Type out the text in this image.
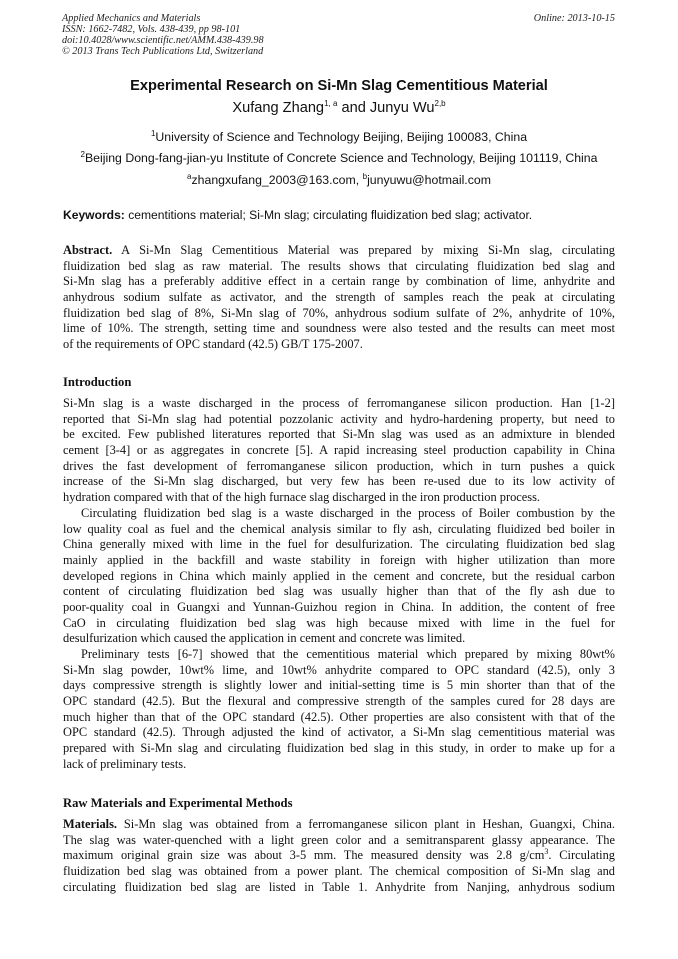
Applied Mechanics and Materials
ISSN: 1662-7482, Vols. 438-439, pp 98-101
doi:10.4028/www.scientific.net/AMM.438-439.98
© 2013 Trans Tech Publications Ltd, Switzerland
Online: 2013-10-15
Experimental Research on Si-Mn Slag Cementitious Material
Xufang Zhang$^{1, a}$ and Junyu Wu$^{2,b}$
$^1$University of Science and Technology Beijing, Beijing 100083, China
$^2$Beijing Dong-fang-jian-yu Institute of Concrete Science and Technology, Beijing 101119, China
$^a$zhangxufang_2003@163.com, $^b$junyuwu@hotmail.com
Keywords: cementitions material; Si-Mn slag; circulating fluidization bed slag; activator.
Abstract. A Si-Mn Slag Cementitious Material was prepared by mixing Si-Mn slag, circulating
fluidization bed slag as raw material. The results shows that circulating fluidization bed slag and
Si-Mn slag has a preferably additive effect in a certain range by combination of lime, anhydrite and
anhydrous sodium sulfate as activator, and the strength of samples reach the peak at circulating
fluidization bed slag of 8%, Si-Mn slag of 70%, anhydrous sodium sulfate of 2%, anhydrite of 10%,
lime of 10%. The strength, setting time and soundness were also tested and the results can meet most
of the requirements of OPC standard (42.5) GB/T 175-2007.
Introduction
Si-Mn slag is a waste discharged in the process of ferromanganese silicon production. Han [1-2]
reported that Si-Mn slag had potential pozzolanic activity and hydro-hardening property, but need to
be excited. Few published literatures reported that Si-Mn slag was used as an admixture in blended
cement [3-4] or as aggregates in concrete [5]. A rapid increasing steel production capability in China
drives the fast development of ferromanganese silicon production, which in turn pushes a quick
increase of the Si-Mn slag discharged, but very few has been re-used due to its low activity of
hydration compared with that of the high furnace slag discharged in the iron production process.
Circulating fluidization bed slag is a waste discharged in the process of Boiler combustion by the
low quality coal as fuel and the chemical analysis similar to fly ash, circulating fluidized bed boiler in
China generally mixed with lime in the fuel for desulfurization. The circulating fluidization bed slag
mainly applied in the backfill and waste stability in foreign with higher utilization than more
developed regions in China which mainly applied in the cement and concrete, but the residual carbon
content of circulating fluidization bed slag was usually higher than that of the fly ash due to
poor-quality coal in Guangxi and Yunnan-Guizhou region in China. In addition, the content of free
CaO in circulating fluidization bed slag was high because mixed with lime in the fuel for
desulfurization which caused the application in cement and concrete was limited.
Preliminary tests [6-7] showed that the cementitious material which prepared by mixing 80wt%
Si-Mn slag powder, 10wt% lime, and 10wt% anhydrite compared to OPC standard (42.5), only 3
days compressive strength is slightly lower and initial-setting time is 5 min shorter than that of the
OPC standard (42.5). But the flexural and compressive strength of the samples cured for 28 days are
much higher than that of the OPC standard (42.5). Other properties are also consistent with that of the
OPC standard (42.5). Through adjusted the kind of activator, a Si-Mn slag cementitious material was
prepared with Si-Mn slag and circulating fluidization bed slag in this study, in order to make up for a
lack of preliminary tests.
Raw Materials and Experimental Methods
Materials. Si-Mn slag was obtained from a ferromanganese silicon plant in Heshan, Guangxi, China.
The slag was water-quenched with a light green color and a semitransparent glassy appearance. The
maximum original grain size was about 3-5 mm. The measured density was 2.8 $g/cm^3$. Circulating
fluidization bed slag was obtained from a power plant. The chemical composition of Si-Mn slag and
circulating fluidization bed slag are listed in Table 1. Anhydrite from Nanjing, anhydrous sodium
